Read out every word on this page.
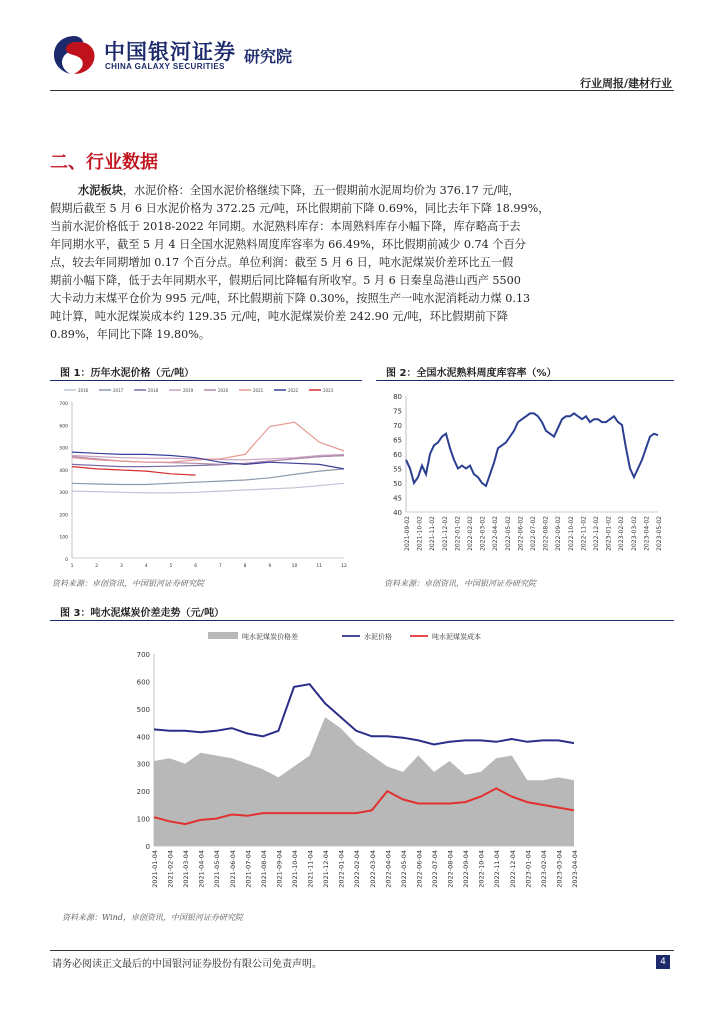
中国银河证券
CHINA GALAXY SECURITIES
研究院
行业周报/建材行业
二、行业数据
水泥板块，水泥价格：全国水泥价格继续下降，五一假期前水泥周均价为 376.17 元/吨，
假期后截至 5 月 6 日水泥价格为 372.25 元/吨，环比假期前下降 0.69%，同比去年下降 18.99%，
当前水泥价格低于 2018-2022 年同期。水泥熟料库存：本周熟料库存小幅下降，库存略高于去
年同期水平，截至 5 月 4 日全国水泥熟料周度库容率为 66.49%，环比假期前减少 0.74 个百分
点，较去年同期增加 0.17 个百分点。单位利润：截至 5 月 6 日，吨水泥煤炭价差环比五一假
期前小幅下降，低于去年同期水平，假期后同比降幅有所收窄。5 月 6 日秦皇岛港山西产 5500
大卡动力末煤平仓价为 995 元/吨，环比假期前下降 0.30%，按照生产一吨水泥消耗动力煤 0.13
吨计算，吨水泥煤炭成本约 129.35 元/吨，吨水泥煤炭价差 242.90 元/吨，环比假期前下降
0.89%，年同比下降 19.80%。
图 1：历年水泥价格（元/吨）
2016	2017	2018	2019	2020	2021	2022	2023
700
600
500
400
300
200
100
0
1	2	3	4	5	6	7	8	9	10	11	12
资料来源：卓创资讯，中国银河证券研究院
图 2：全国水泥熟料周度库容率（%）
80
75
70
65
60
55
50
45
40
2021-09-02 2021-10-02 2021-11-02 2021-12-02 2022-01-02 2022-02-02 2022-03-02 2022-04-02 2022-05-02 2022-06-02 2022-07-02 2022-08-02 2022-09-02 2022-10-02 2022-11-02 2022-12-02 2023-01-02 2023-02-02 2023-03-02 2023-04-02 2023-05-02
资料来源：卓创资讯，中国银河证券研究院
图 3：吨水泥煤炭价差走势（元/吨）
吨水泥煤炭价格差	水泥价格	吨水泥煤炭成本
700
600
500
400
300
200
100
0
2021-01-04 2021-02-04 2021-03-04 2021-04-04 2021-05-04 2021-06-04 2021-07-04 2021-08-04 2021-09-04 2021-10-04 2021-11-04 2021-12-04 2022-01-04 2022-02-04 2022-03-04 2022-04-04 2022-05-04 2022-06-04 2022-07-04 2022-08-04 2022-09-04 2022-10-04 2022-11-04 2022-12-04 2023-01-04 2023-02-04 2023-03-04 2023-04-04
资料来源：Wind，卓创资讯，中国银河证券研究院
请务必阅读正文最后的中国银河证券股份有限公司免责声明。	4
